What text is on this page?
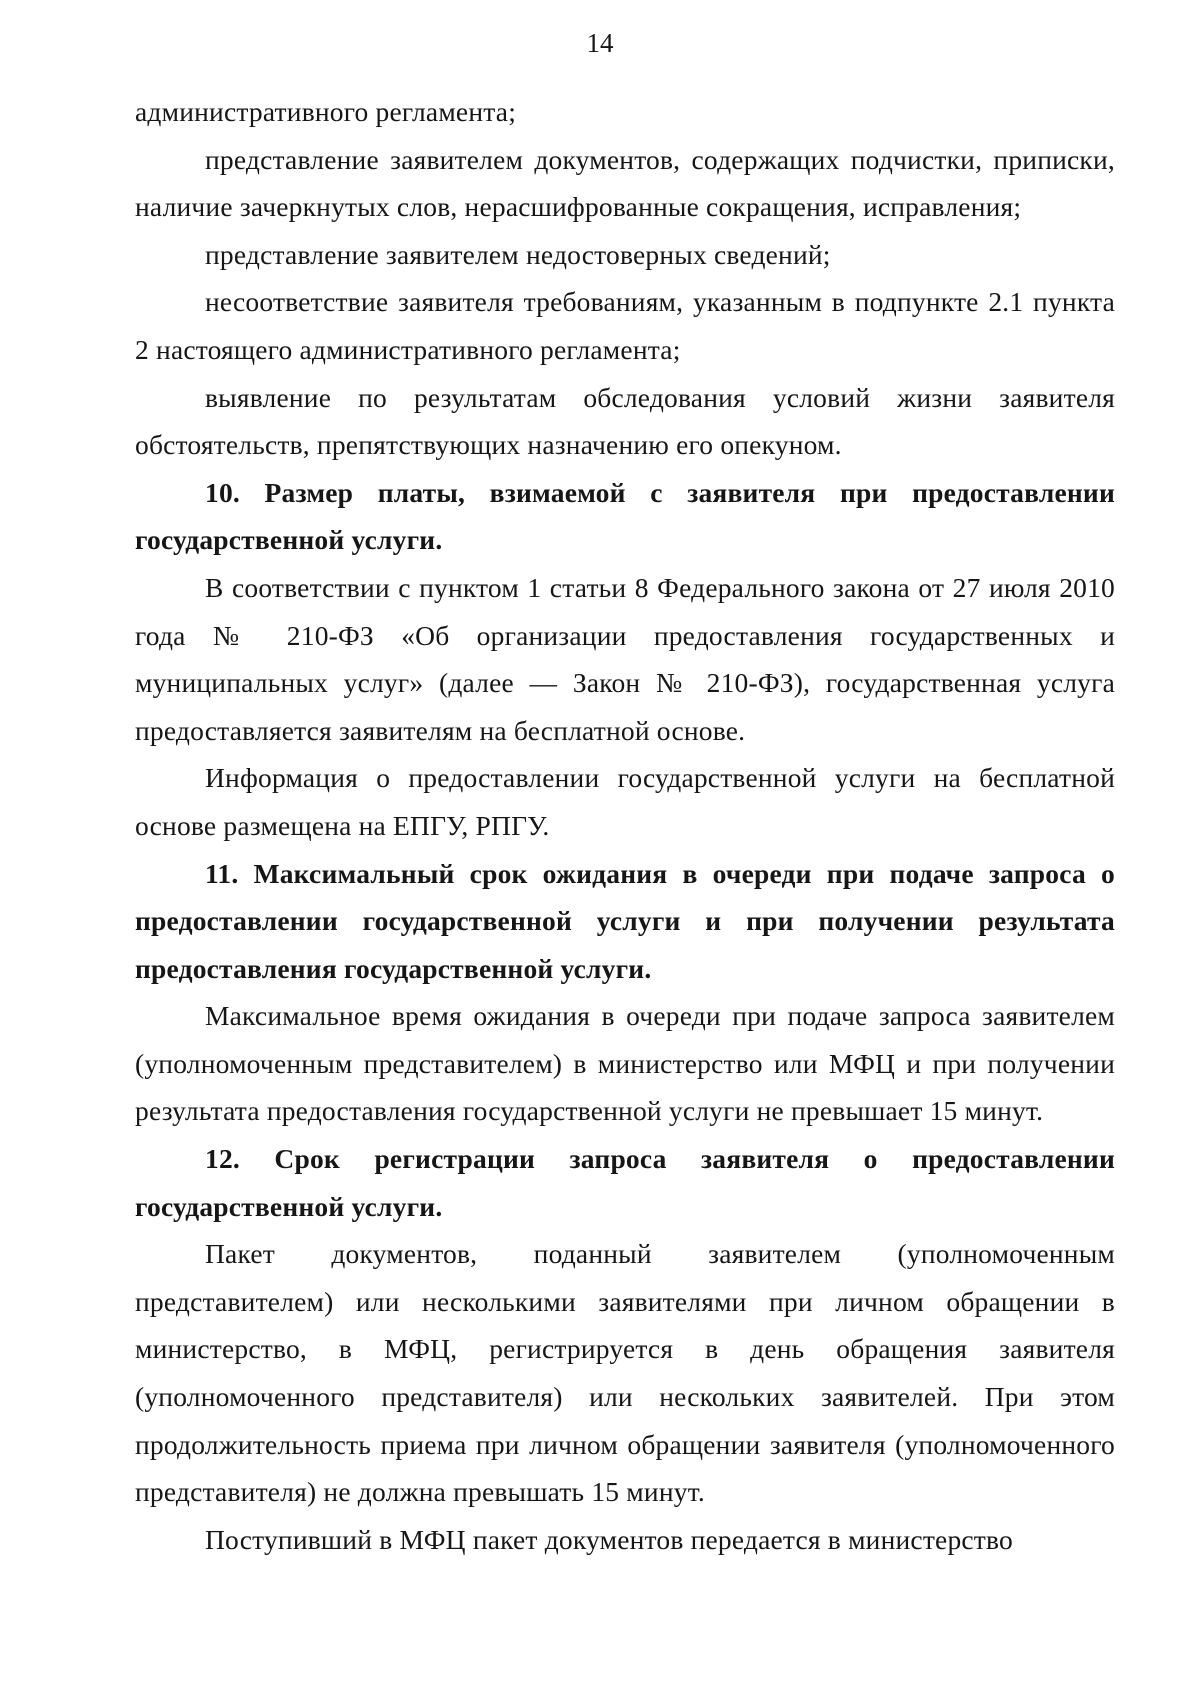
14

административного регламента;

представление заявителем документов, содержащих подчистки, приписки, наличие зачеркнутых слов, нерасшифрованные сокращения, исправления;

представление заявителем недостоверных сведений;

несоответствие заявителя требованиям, указанным в подпункте 2.1 пункта 2 настоящего административного регламента;

выявление по результатам обследования условий жизни заявителя обстоятельств, препятствующих назначению его опекуном.

10. Размер платы, взимаемой с заявителя при предоставлении государственной услуги.

В соответствии с пунктом 1 статьи 8 Федерального закона от 27 июля 2010 года № 210-ФЗ «Об организации предоставления государственных и муниципальных услуг» (далее — Закон № 210-ФЗ), государственная услуга предоставляется заявителям на бесплатной основе.

Информация о предоставлении государственной услуги на бесплатной основе размещена на ЕПГУ, РПГУ.

11. Максимальный срок ожидания в очереди при подаче запроса о предоставлении государственной услуги и при получении результата предоставления государственной услуги.

Максимальное время ожидания в очереди при подаче запроса заявителем (уполномоченным представителем) в министерство или МФЦ и при получении результата предоставления государственной услуги не превышает 15 минут.

12. Срок регистрации запроса заявителя о предоставлении государственной услуги.

Пакет документов, поданный заявителем (уполномоченным представителем) или несколькими заявителями при личном обращении в министерство, в МФЦ, регистрируется в день обращения заявителя (уполномоченного представителя) или нескольких заявителей. При этом продолжительность приема при личном обращении заявителя (уполномоченного представителя) не должна превышать 15 минут.

Поступивший в МФЦ пакет документов передается в министерство
